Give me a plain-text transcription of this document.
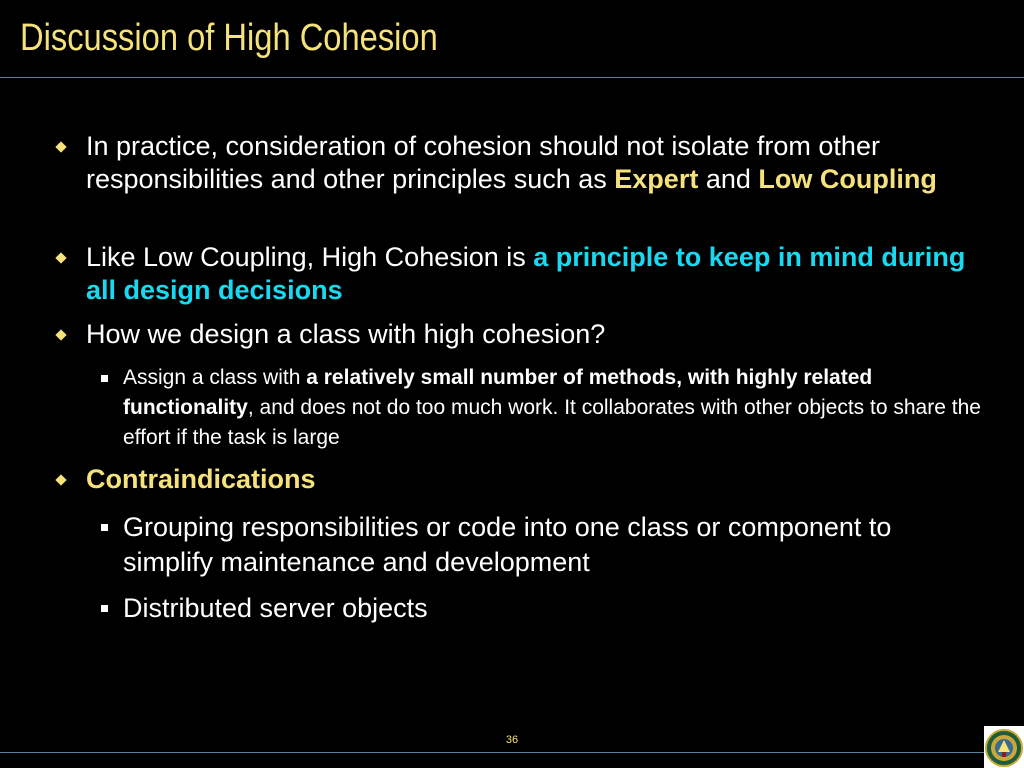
Discussion of High Cohesion

In practice, consideration of cohesion should not isolate from other responsibilities and other principles such as Expert and Low Coupling

Like Low Coupling, High Cohesion is a principle to keep in mind during all design decisions

How we design a class with high cohesion?

Assign a class with a relatively small number of methods, with highly related functionality, and does not do too much work. It collaborates with other objects to share the effort if the task is large

Contraindications

Grouping responsibilities or code into one class or component to simplify maintenance and development

Distributed server objects

36
